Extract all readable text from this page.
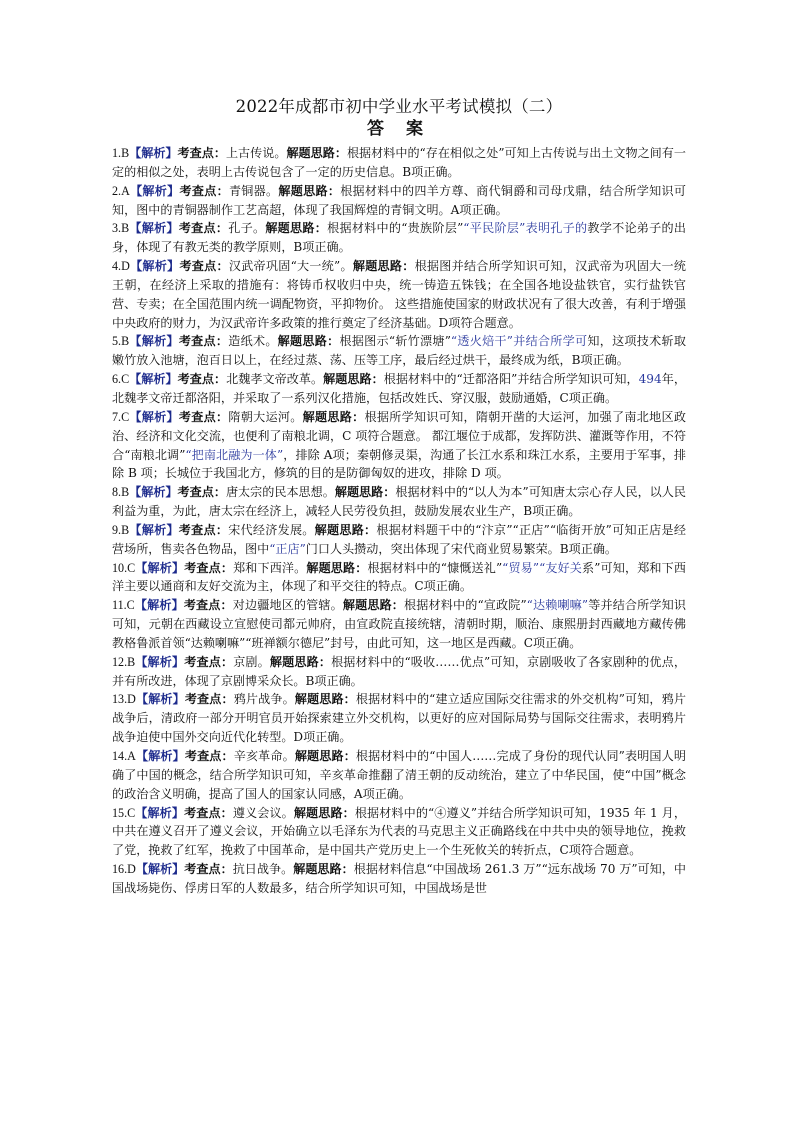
2022年成都市初中学业水平考试模拟（二）
答 案

1.B【解析】考查点：上古传说。解题思路：根据材料中的“存在相似之处”可知上古传说与出土文物之间有一定的相似之处，表明上古传说包含了一定的历史信息。B项正确。

2.A【解析】考查点：青铜器。解题思路：根据材料中的四羊方尊、商代铜爵和司母戊鼎，结合所学知识可知，图中的青铜器制作工艺高超，体现了我国辉煌的青铜文明。A项正确。

3.B【解析】考查点：孔子。解题思路：根据材料中的“贵族阶层”“平民阶层”表明孔子的教学不论弟子的出身，体现了有教无类的教学原则，B项正确。

4.D【解析】考查点：汉武帝巩固“大一统”。解题思路：根据图并结合所学知识可知，汉武帝为巩固大一统王朝，在经济上采取的措施有：将铸币权收归中央，统一铸造五铢钱；在全国各地设盐铁官，实行盐铁官营、专卖；在全国范围内统一调配物资，平抑物价。 这些措施使国家的财政状况有了很大改善，有利于增强中央政府的财力，为汉武帝许多政策的推行奠定了经济基础。D项符合题意。

5.B【解析】考查点：造纸术。解题思路：根据图示“斩竹漂塘”“透火焙干”并结合所学可知，这项技术斩取嫩竹放入池塘，泡百日以上，在经过蒸、荡、压等工序，最后经过烘干，最终成为纸，B项正确。

6.C【解析】考查点：北魏孝文帝改革。解题思路：根据材料中的“迁都洛阳”并结合所学知识可知，494年，北魏孝文帝迁都洛阳，并采取了一系列汉化措施，包括改姓氏、穿汉服，鼓励通婚，C项正确。

7.C【解析】考查点：隋朝大运河。解题思路：根据所学知识可知，隋朝开凿的大运河，加强了南北地区政治、经济和文化交流，也便利了南粮北调，C 项符合题意。 都江堰位于成都，发挥防洪、灌溉等作用，不符合“南粮北调”“把南北融为一体”，排除 A项；秦朝修灵渠，沟通了长江水系和珠江水系，主要用于军事，排除 B 项；长城位于我国北方，修筑的目的是防御匈奴的进攻，排除 D 项。

8.B【解析】考查点：唐太宗的民本思想。解题思路：根据材料中的“以人为本”可知唐太宗心存人民，以人民利益为重，为此，唐太宗在经济上，减轻人民劳役负担，鼓励发展农业生产，B项正确。

9.B【解析】考查点：宋代经济发展。解题思路：根据材料题干中的“汴京”“正店”“临街开放”可知正店是经营场所，售卖各色物品，图中“正店”门口人头攒动，突出体现了宋代商业贸易繁荣。B项正确。

10.C【解析】考查点：郑和下西洋。解题思路：根据材料中的“慷慨送礼”“贸易”“友好关系”可知，郑和下西洋主要以通商和友好交流为主，体现了和平交往的特点。C项正确。

11.C【解析】考查点：对边疆地区的管辖。解题思路：根据材料中的“宣政院”“达赖喇嘛”等并结合所学知识可知，元朝在西藏设立宣慰使司都元帅府，由宣政院直接统辖，清朝时期，顺治、康熙册封西藏地方藏传佛教格鲁派首领“达赖喇嘛”“班禅额尔德尼”封号，由此可知，这一地区是西藏。C项正确。

12.B【解析】考查点：京剧。解题思路：根据材料中的“吸收……优点”可知，京剧吸收了各家剧种的优点，并有所改进，体现了京剧博采众长。B项正确。

13.D【解析】考查点：鸦片战争。解题思路：根据材料中的“建立适应国际交往需求的外交机构”可知，鸦片战争后，清政府一部分开明官员开始探索建立外交机构，以更好的应对国际局势与国际交往需求，表明鸦片战争迫使中国外交向近代化转型。D项正确。

14.A【解析】考查点：辛亥革命。解题思路：根据材料中的“中国人……完成了身份的现代认同”表明国人明确了中国的概念，结合所学知识可知，辛亥革命推翻了清王朝的反动统治，建立了中华民国，使“中国”概念的政治含义明确，提高了国人的国家认同感，A项正确。

15.C【解析】考查点：遵义会议。解题思路：根据材料中的“④遵义”并结合所学知识可知，1935 年 1 月， 中共在遵义召开了遵义会议，开始确立以毛泽东为代表的马克思主义正确路线在中共中央的领导地位，挽救了党，挽救了红军，挽救了中国革命，是中国共产党历史上一个生死攸关的转折点，C项符合题意。

16.D【解析】考查点：抗日战争。解题思路：根据材料信息“中国战场 261.3 万”“远东战场 70 万”可知，中国战场毙伤、俘虏日军的人数最多，结合所学知识可知，中国战场是世
